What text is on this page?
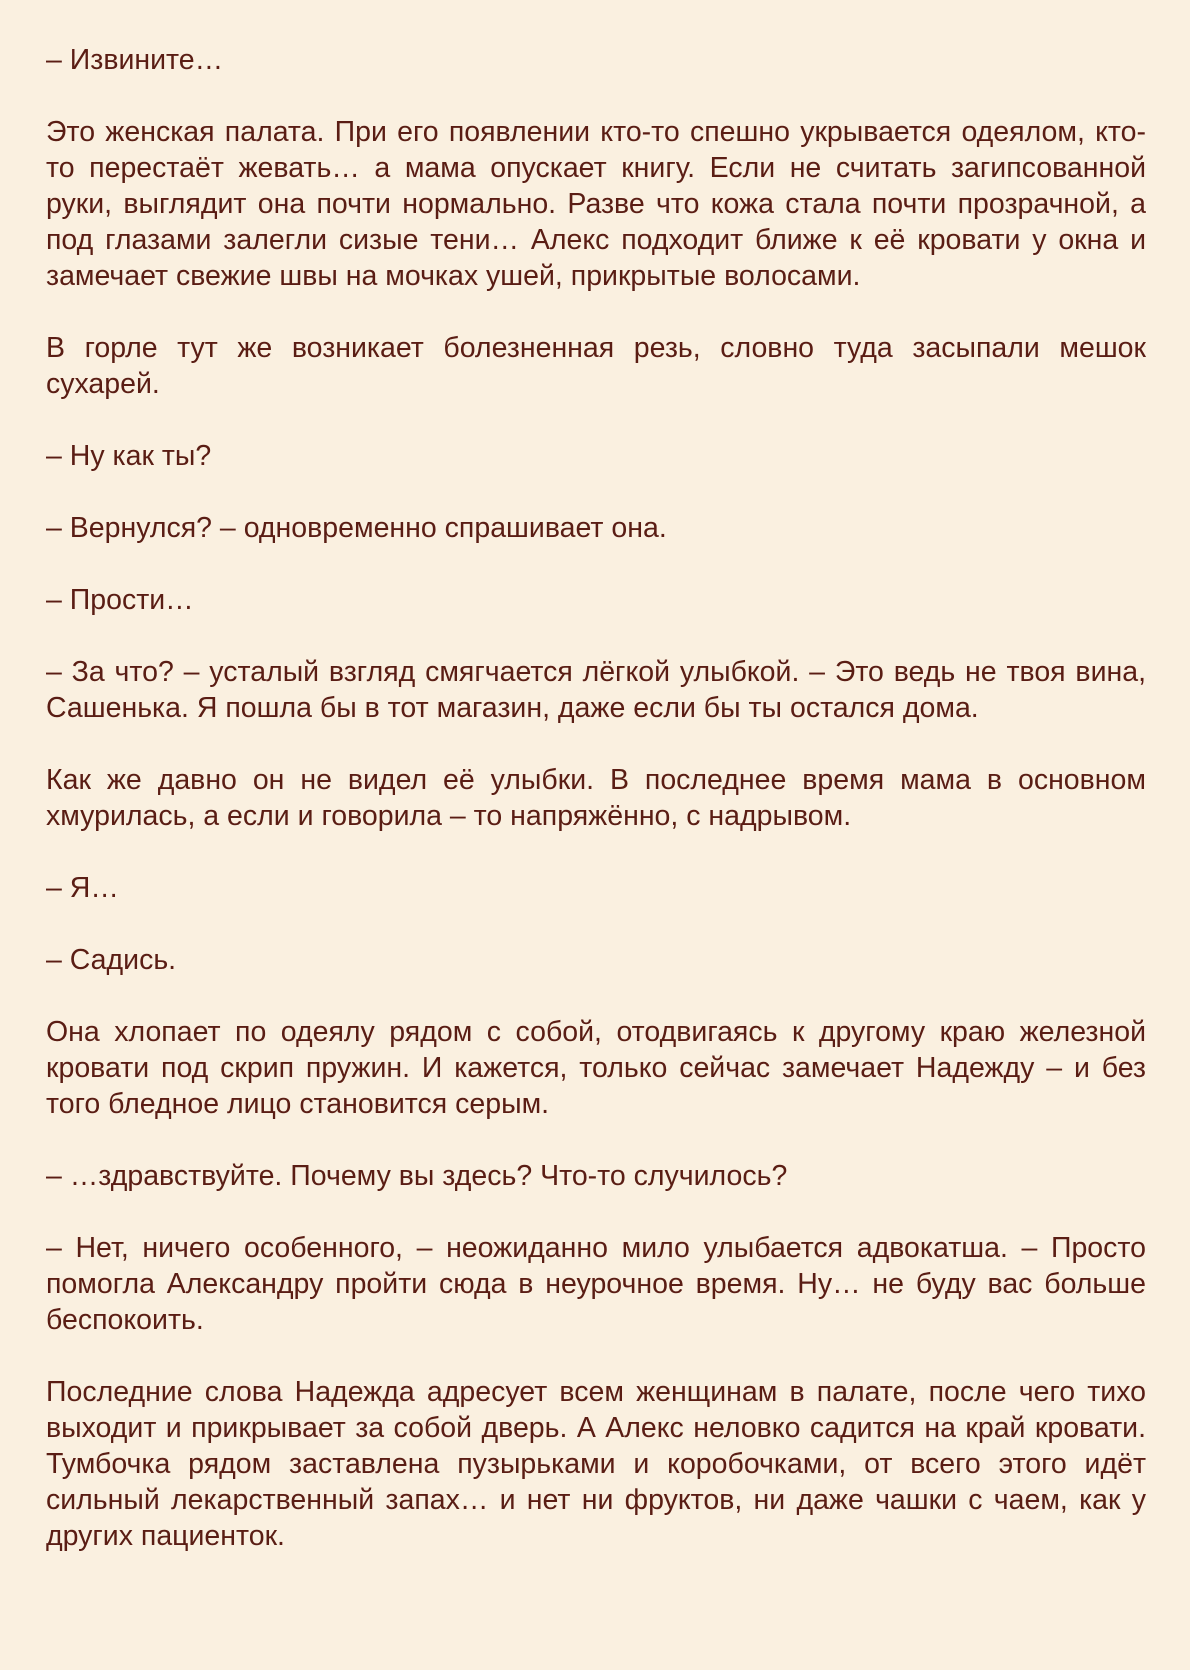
– Извините…

Это женская палата. При его появлении кто-то спешно укрывается одеялом, кто-то перестаёт жевать… а мама опускает книгу. Если не считать загипсованной руки, выглядит она почти нормально. Разве что кожа стала почти прозрачной, а под глазами залегли сизые тени… Алекс подходит ближе к её кровати у окна и замечает свежие швы на мочках ушей, прикрытые волосами.

В горле тут же возникает болезненная резь, словно туда засыпали мешок сухарей.

– Ну как ты?

– Вернулся? – одновременно спрашивает она.

– Прости…

– За что? – усталый взгляд смягчается лёгкой улыбкой. – Это ведь не твоя вина, Сашенька. Я пошла бы в тот магазин, даже если бы ты остался дома.

Как же давно он не видел её улыбки. В последнее время мама в основном хмурилась, а если и говорила – то напряжённо, с надрывом.

– Я…

– Садись.

Она хлопает по одеялу рядом с собой, отодвигаясь к другому краю железной кровати под скрип пружин. И кажется, только сейчас замечает Надежду – и без того бледное лицо становится серым.

– …здравствуйте. Почему вы здесь? Что-то случилось?

– Нет, ничего особенного, – неожиданно мило улыбается адвокатша. – Просто помогла Александру пройти сюда в неурочное время. Ну… не буду вас больше беспокоить.

Последние слова Надежда адресует всем женщинам в палате, после чего тихо выходит и прикрывает за собой дверь. А Алекс неловко садится на край кровати. Тумбочка рядом заставлена пузырьками и коробочками, от всего этого идёт сильный лекарственный запах… и нет ни фруктов, ни даже чашки с чаем, как у других пациенток.
